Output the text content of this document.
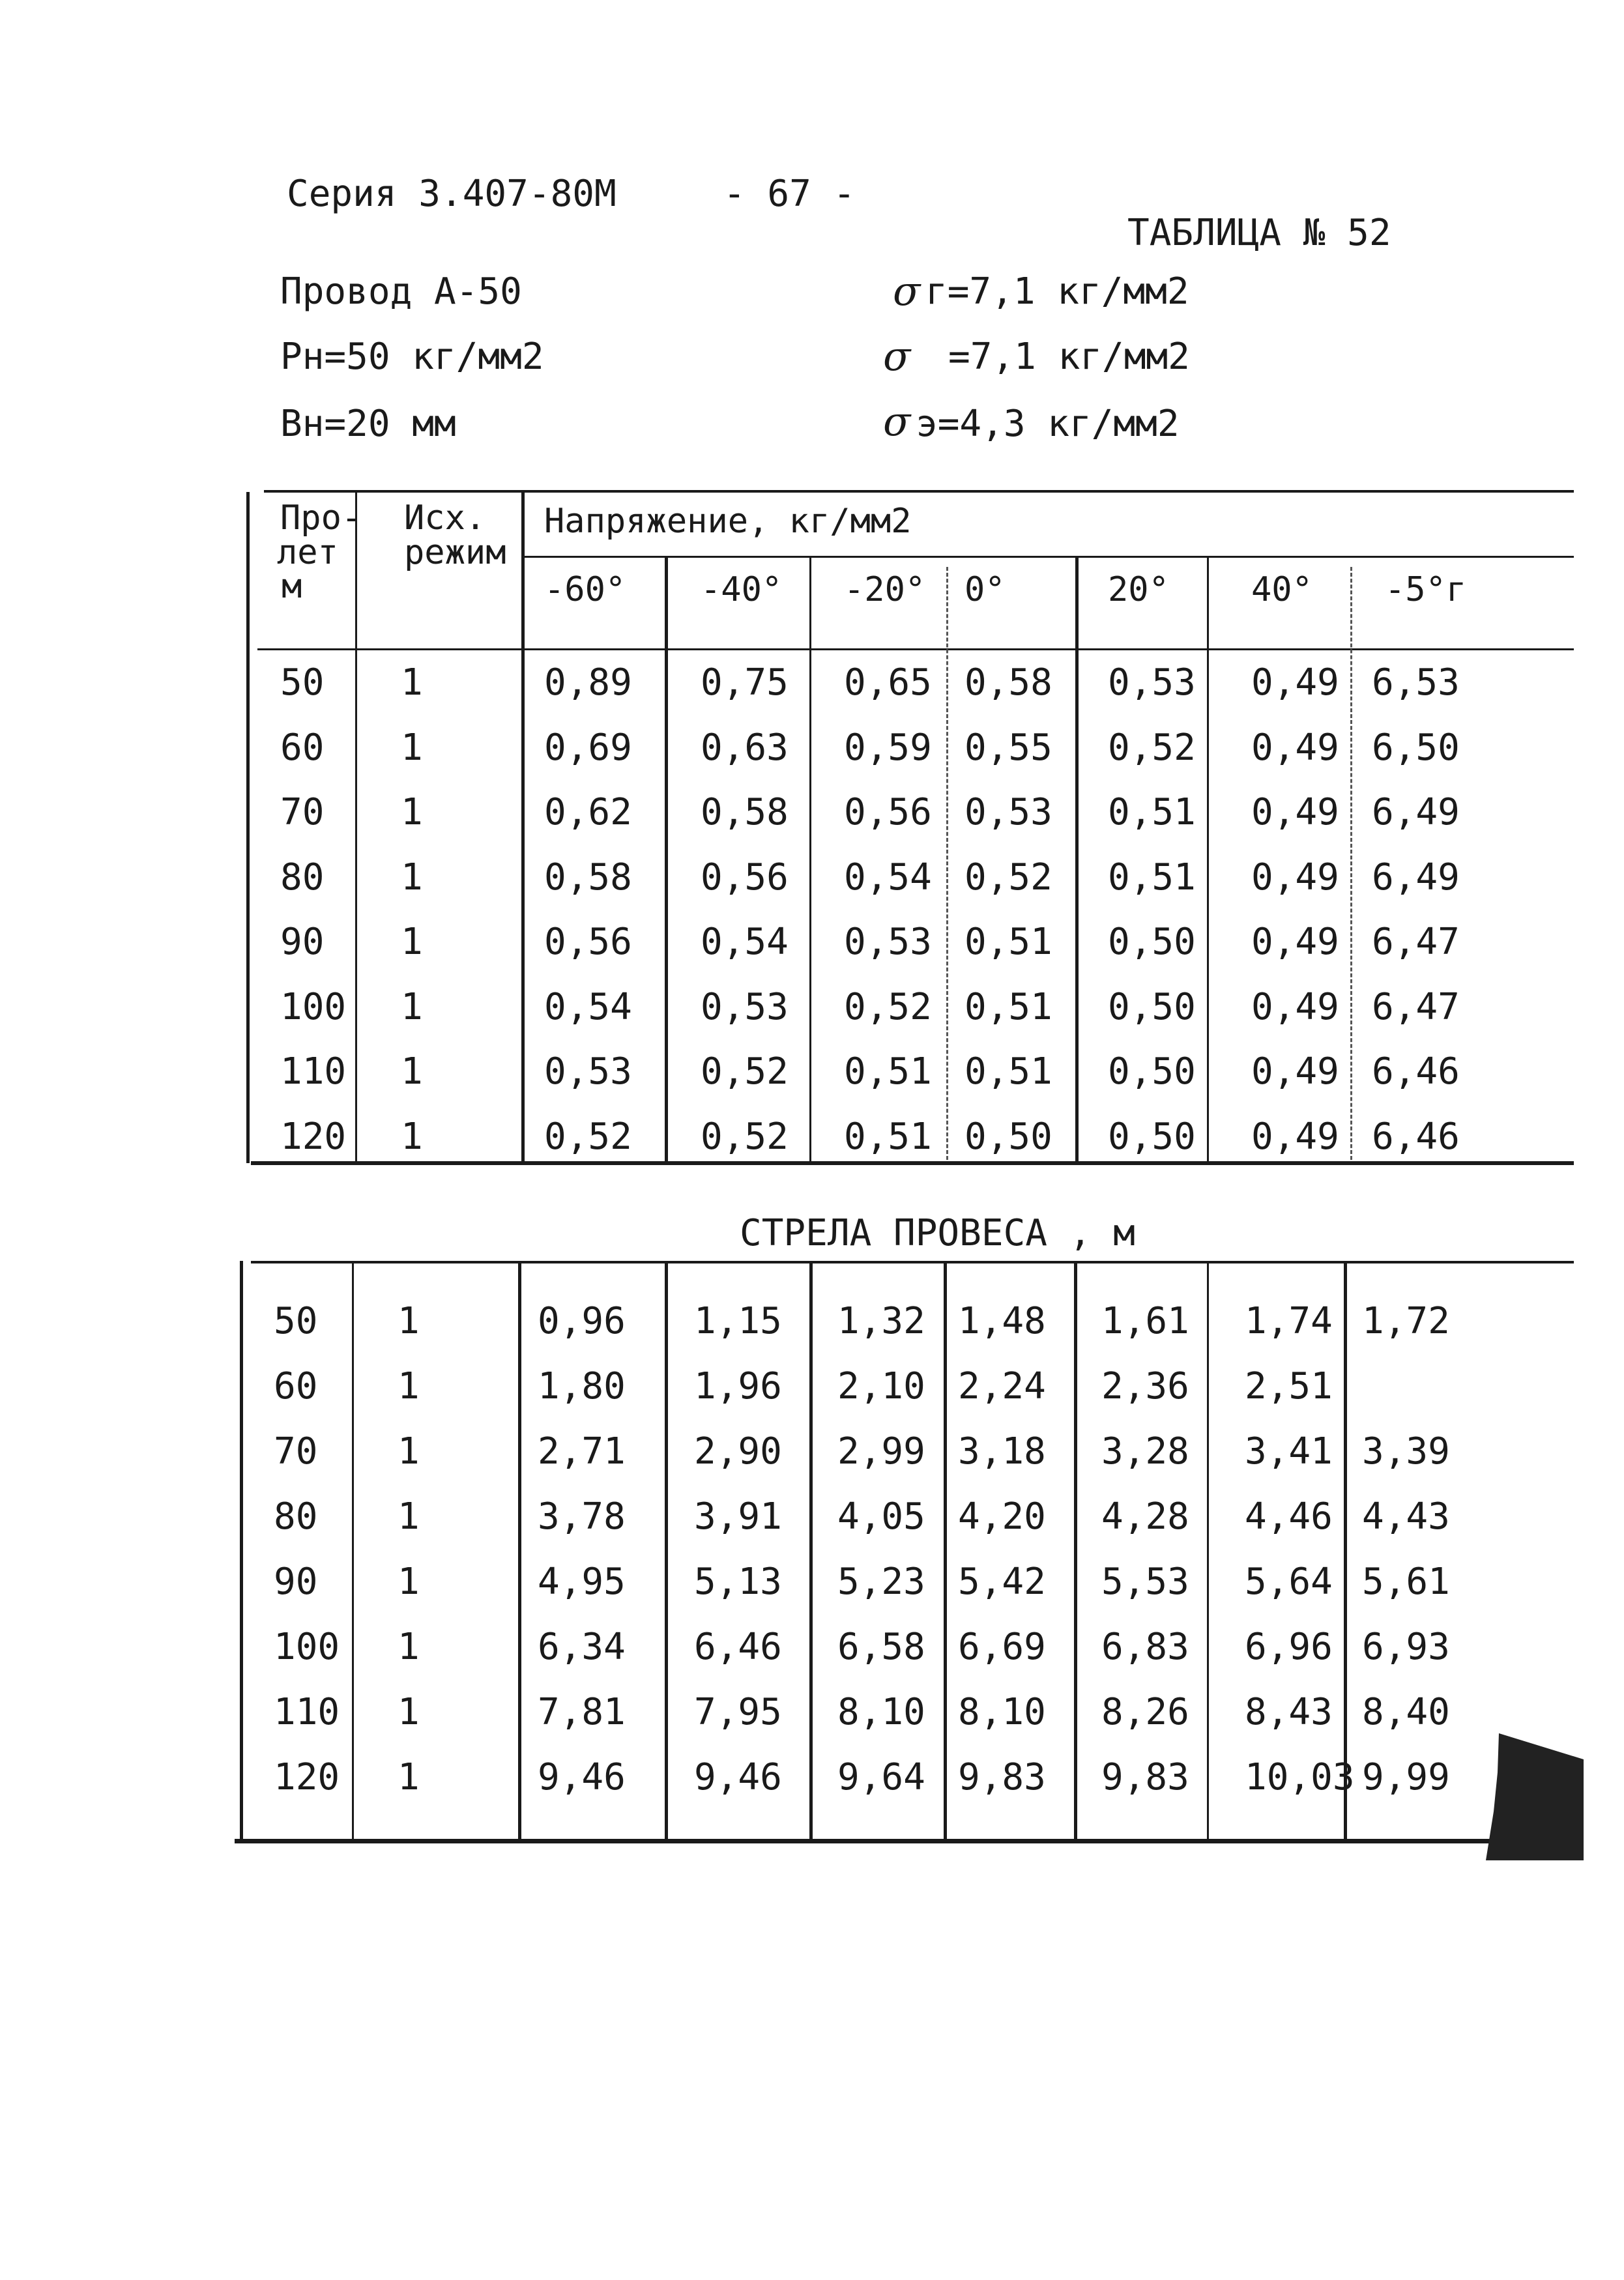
Серия 3.407-80М	- 67 -
ТАБЛИЦА № 52
Провод А-50
Рн=50 кг/мм2
Вн=20 мм
σ г=7,1 кг/мм2
σ =7,1 кг/мм2
σ э=4,3 кг/мм2
Про-
лет
м
Исх.
режим
Напряжение, кг/мм2
-60° -40° -20° 0°	20° 40° -5°г
50 1	0,89 0,75 0,65 0,58 0,53 0,49 6,53
60 1	0,69 0,63 0,59 0,55 0,52 0,49 6,50
70 1	0,62 0,58 0,56 0,53 0,51 0,49 6,49
80 1	0,58 0,56 0,54 0,52 0,51 0,49 6,49
90 1	0,56 0,54 0,53 0,51 0,50 0,49 6,47
100 1	0,54 0,53 0,52 0,51 0,50 0,49 6,47
110 1	0,53 0,52 0,51 0,51 0,50 0,49 6,46
120 1	0,52 0,52 0,51 0,50 0,50 0,49 6,46
СТРЕЛА ПРОВЕСА , м
50 1	0,96 1,15 1,32 1,48 1,61 1,74 1,72
60 1	1,80 1,96 2,10 2,24 2,36 2,51
70 1	2,71 2,90 2,99 3,18 3,28 3,41 3,39
80 1	3,78 3,91 4,05 4,20 4,28 4,46 4,43
90 1	4,95 5,13 5,23 5,42 5,53 5,64 5,61
100 1	6,34 6,46 6,58 6,69 6,83 6,96 6,93
110 1	7,81 7,95 8,10 8,10 8,26 8,43 8,40
120 1	9,46 9,46 9,64 9,83 9,83 10,03 9,99
